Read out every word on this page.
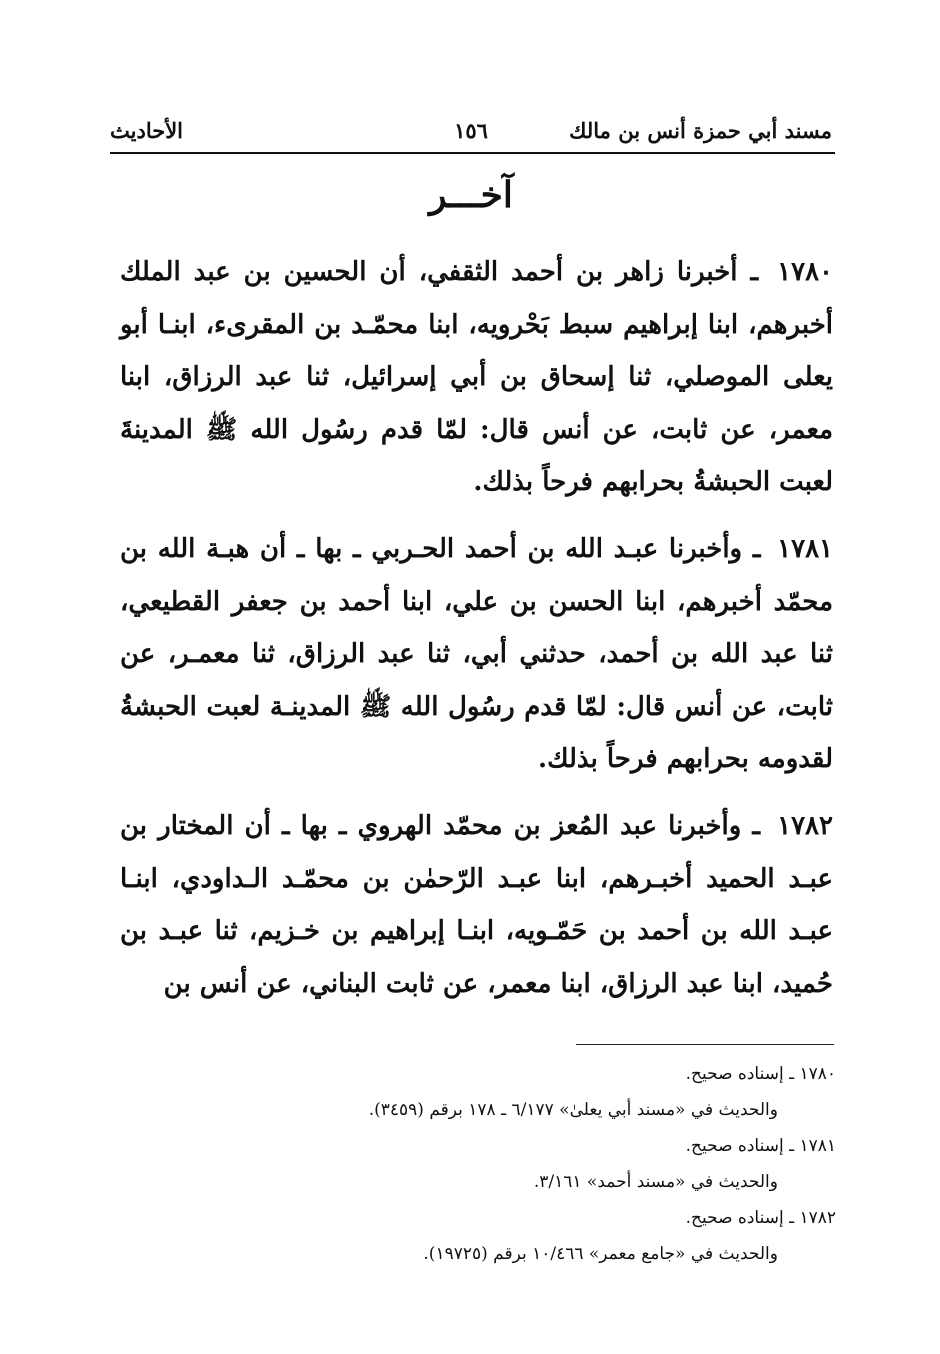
مسند أبي حمزة أنس بن مالك
١٥٦
الأحاديث
آخـــر
١٧٨٠ ـ أخبرنا زاهر بن أحمد الثقفي، أن الحسين بن عبد الملك أخبرهم، ابنا إبراهيم سبط بَحْرويه، ابنا محمّـد بن المقرىء، ابنـا أبو يعلى الموصلي، ثنا إسحاق بن أبي إسرائيل، ثنا عبد الرزاق، ابنا معمر، عن ثابت، عن أنس قال: لمّا قدم رسُول الله ﷺ المدينةَ لعبت الحبشةُ بحرابهم فرحاً بذلك.
١٧٨١ ـ وأخبرنا عبـد الله بن أحمد الحـربي ـ بها ـ أن هبـة الله بن محمّد أخبرهم، ابنا الحسن بن علي، ابنا أحمد بن جعفر القطيعي، ثنا عبد الله بن أحمد، حدثني أبي، ثنا عبد الرزاق، ثنا معمـر، عن ثابت، عن أنس قال: لمّا قدم رسُول الله ﷺ المدينـة لعبت الحبشةُ لقدومه بحرابهم فرحاً بذلك.
١٧٨٢ ـ وأخبرنا عبد المُعز بن محمّد الهروي ـ بها ـ أن المختار بن عبـد الحميد أخبـرهم، ابنا عبـد الرّحمٰن بن محمّـد الـداودي، ابنـا عبـد الله بن أحمد بن حَمّـويه، ابنـا إبراهيم بن خـزيم، ثنا عبـد بن حُميد، ابنا عبد الرزاق، ابنا معمر، عن ثابت البناني، عن أنس بن
١٧٨٠ ـ إسناده صحيح.
والحديث في «مسند أبي يعلىٰ» ٦/١٧٧ ـ ١٧٨ برقم (٣٤٥٩).
١٧٨١ ـ إسناده صحيح.
والحديث في «مسند أحمد» ٣/١٦١.
١٧٨٢ ـ إسناده صحيح.
والحديث في «جامع معمر» ١٠/٤٦٦ برقم (١٩٧٢٥).
